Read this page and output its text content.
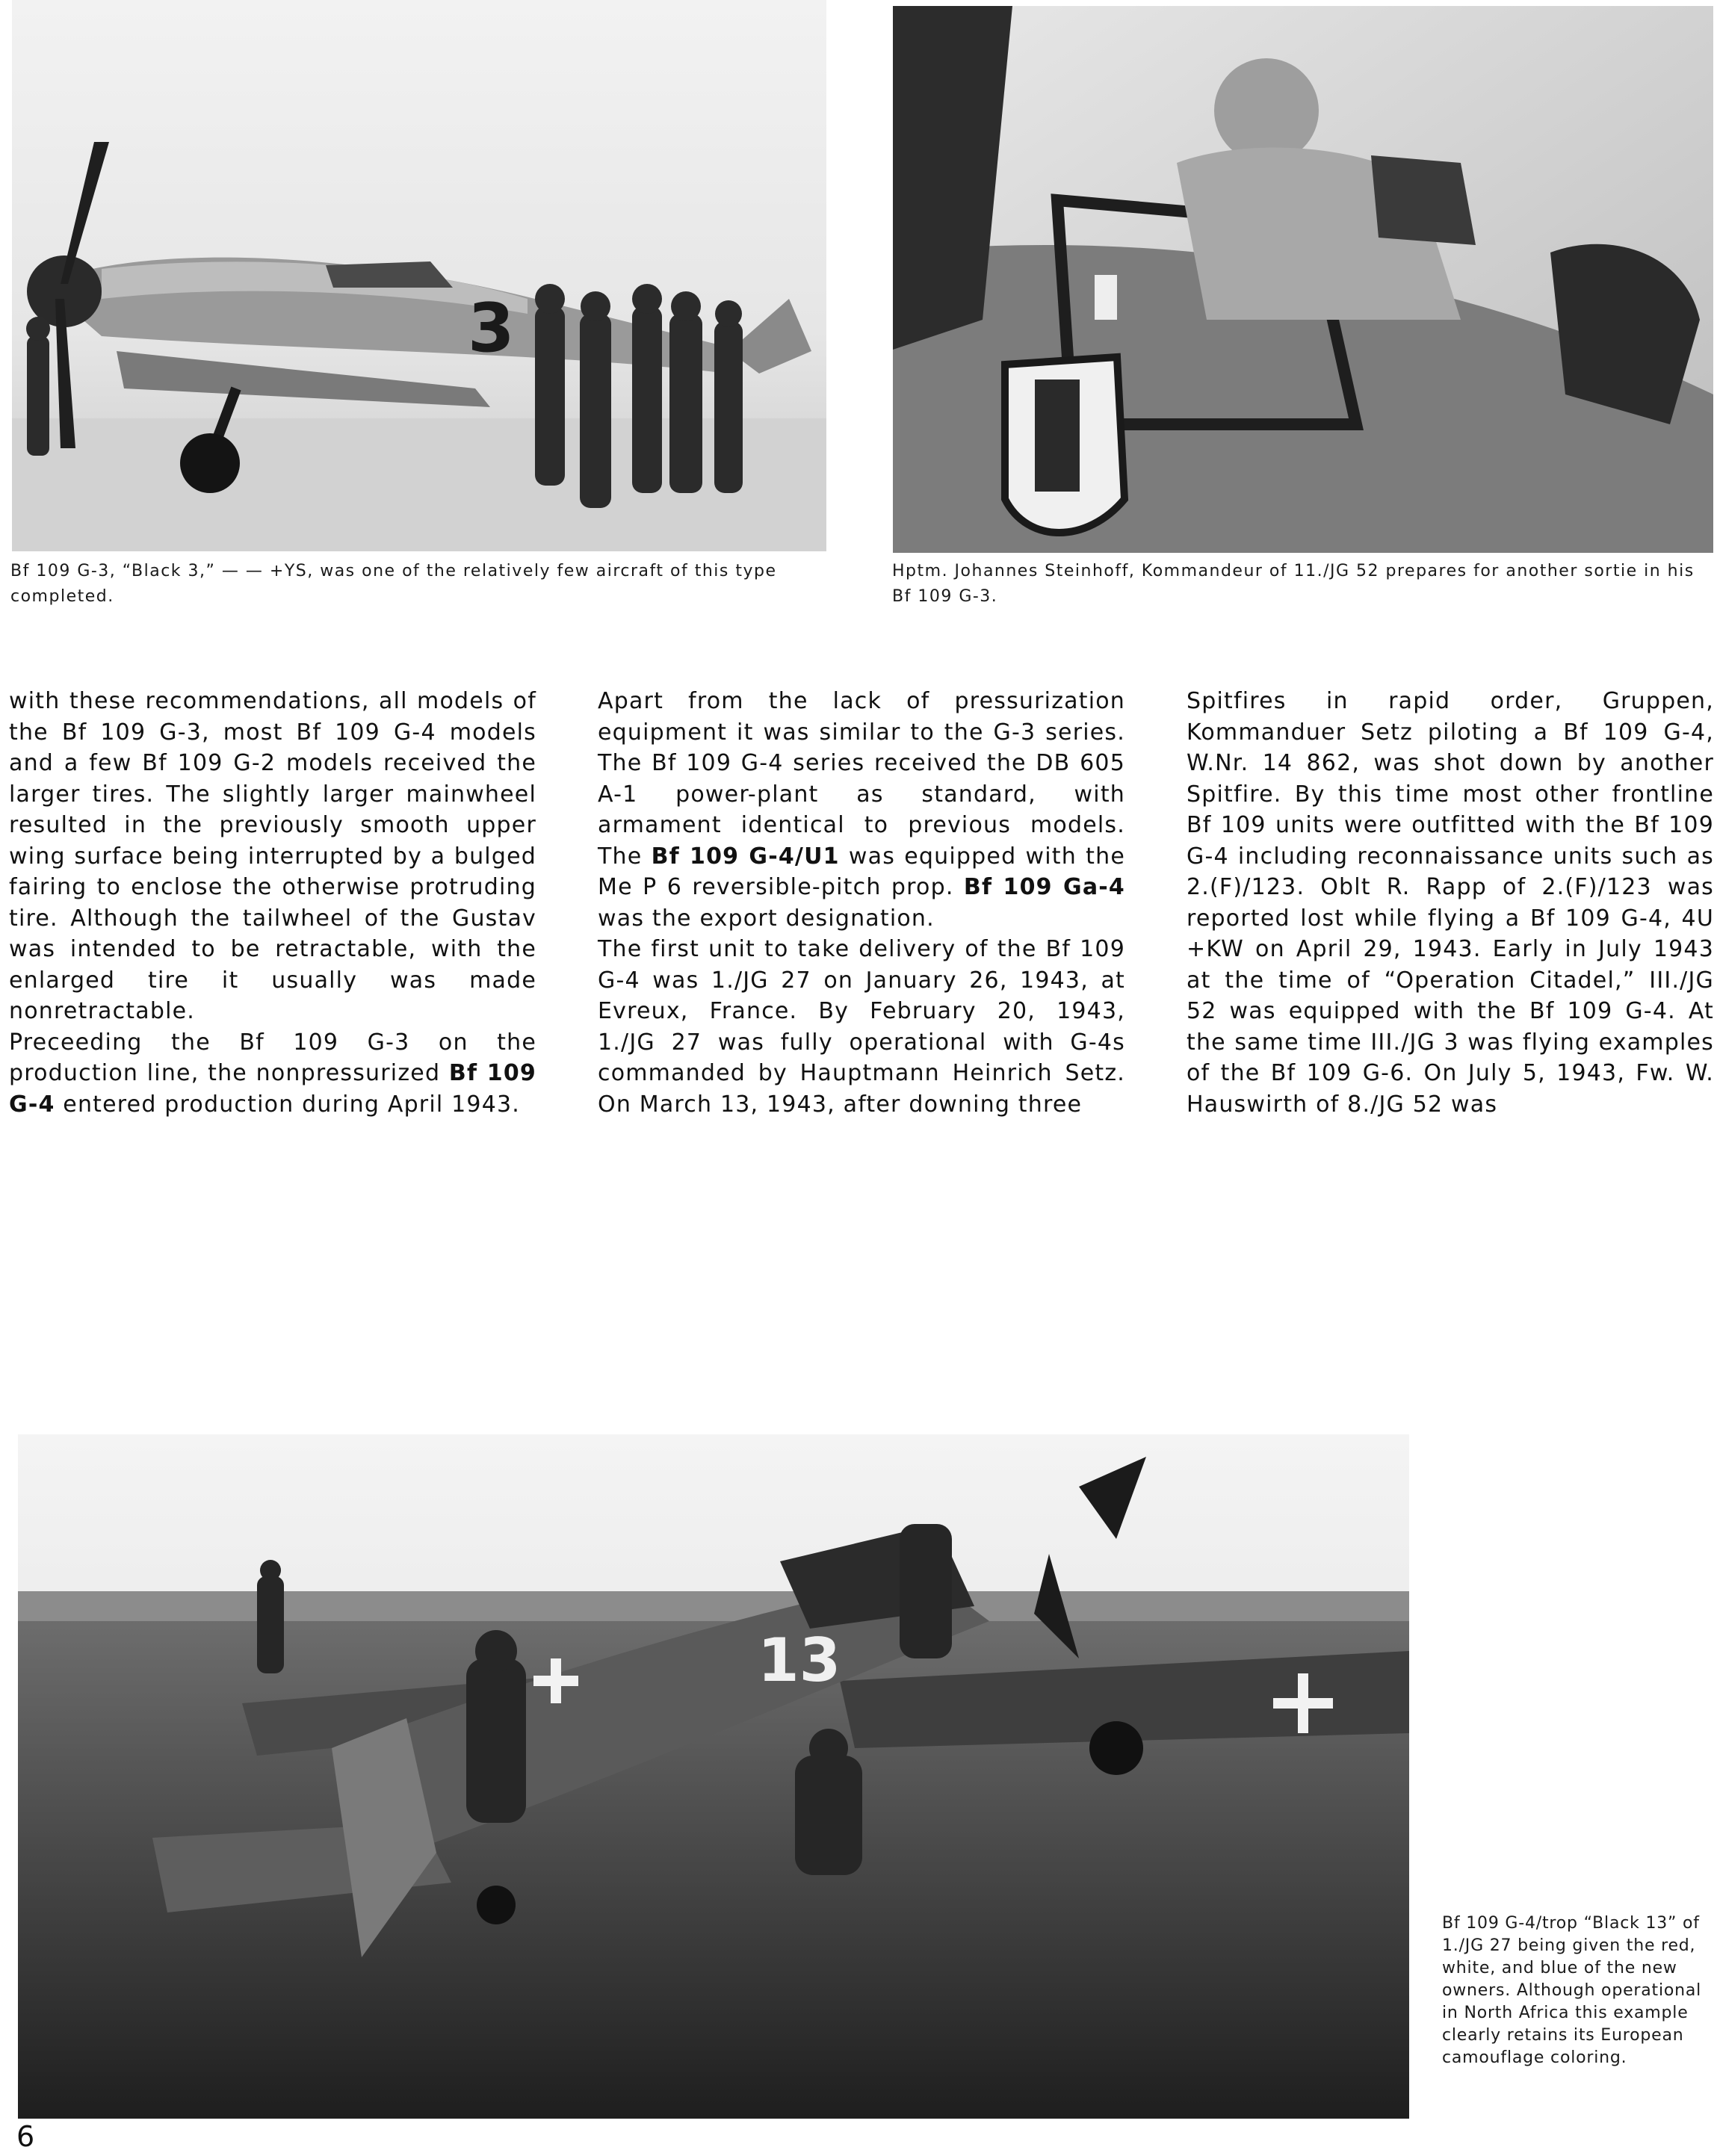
3
13
Bf 109 G-3, “Black 3,” — — +YS, was one of the relatively few aircraft of this type completed.
Hptm. Johannes Steinhoff, Kommandeur of 11./JG 52 prepares for another sortie in his Bf 109 G-3.
Bf 109 G-4/trop “Black 13” of 1./JG 27 being given the red, white, and blue of the new owners. Although operational in North Africa this example clearly retains its European camouflage coloring.

with these recommendations, all models of the Bf 109 G-3, most Bf 109 G-4 models and a few Bf 109 G-2 models received the larger tires. The slightly larger mainwheel resulted in the previously smooth upper wing surface being interrupted by a bulged fairing to enclose the otherwise protruding tire. Although the tailwheel of the Gustav was intended to be retractable, with the enlarged tire it usually was made nonretractable.

Preceeding the Bf 109 G-3 on the production line, the nonpressurized Bf 109 G-4 entered production during April 1943.

Apart from the lack of pressurization equipment it was similar to the G-3 series. The Bf 109 G-4 series received the DB 605 A-1 power-plant as standard, with armament identical to previous models. The Bf 109 G-4/U1 was equipped with the Me P 6 reversible-pitch prop. Bf 109 Ga-4 was the export designation.

The first unit to take delivery of the Bf 109 G-4 was 1./JG 27 on January 26, 1943, at Evreux, France. By February 20, 1943, 1./JG 27 was fully operational with G-4s commanded by Hauptmann Heinrich Setz. On March 13, 1943, after downing three

Spitfires in rapid order, Gruppen, Kommanduer Setz piloting a Bf 109 G-4, W.Nr. 14 862, was shot down by another Spitfire. By this time most other frontline Bf 109 units were outfitted with the Bf 109 G-4 including reconnaissance units such as 2.(F)/123. Oblt R. Rapp of 2.(F)/123 was reported lost while flying a Bf 109 G-4, 4U +KW on April 29, 1943. Early in July 1943 at the time of “Operation Citadel,” III./JG 52 was equipped with the Bf 109 G-4. At the same time III./JG 3 was flying examples of the Bf 109 G-6. On July 5, 1943, Fw. W. Hauswirth of 8./JG 52 was

6
